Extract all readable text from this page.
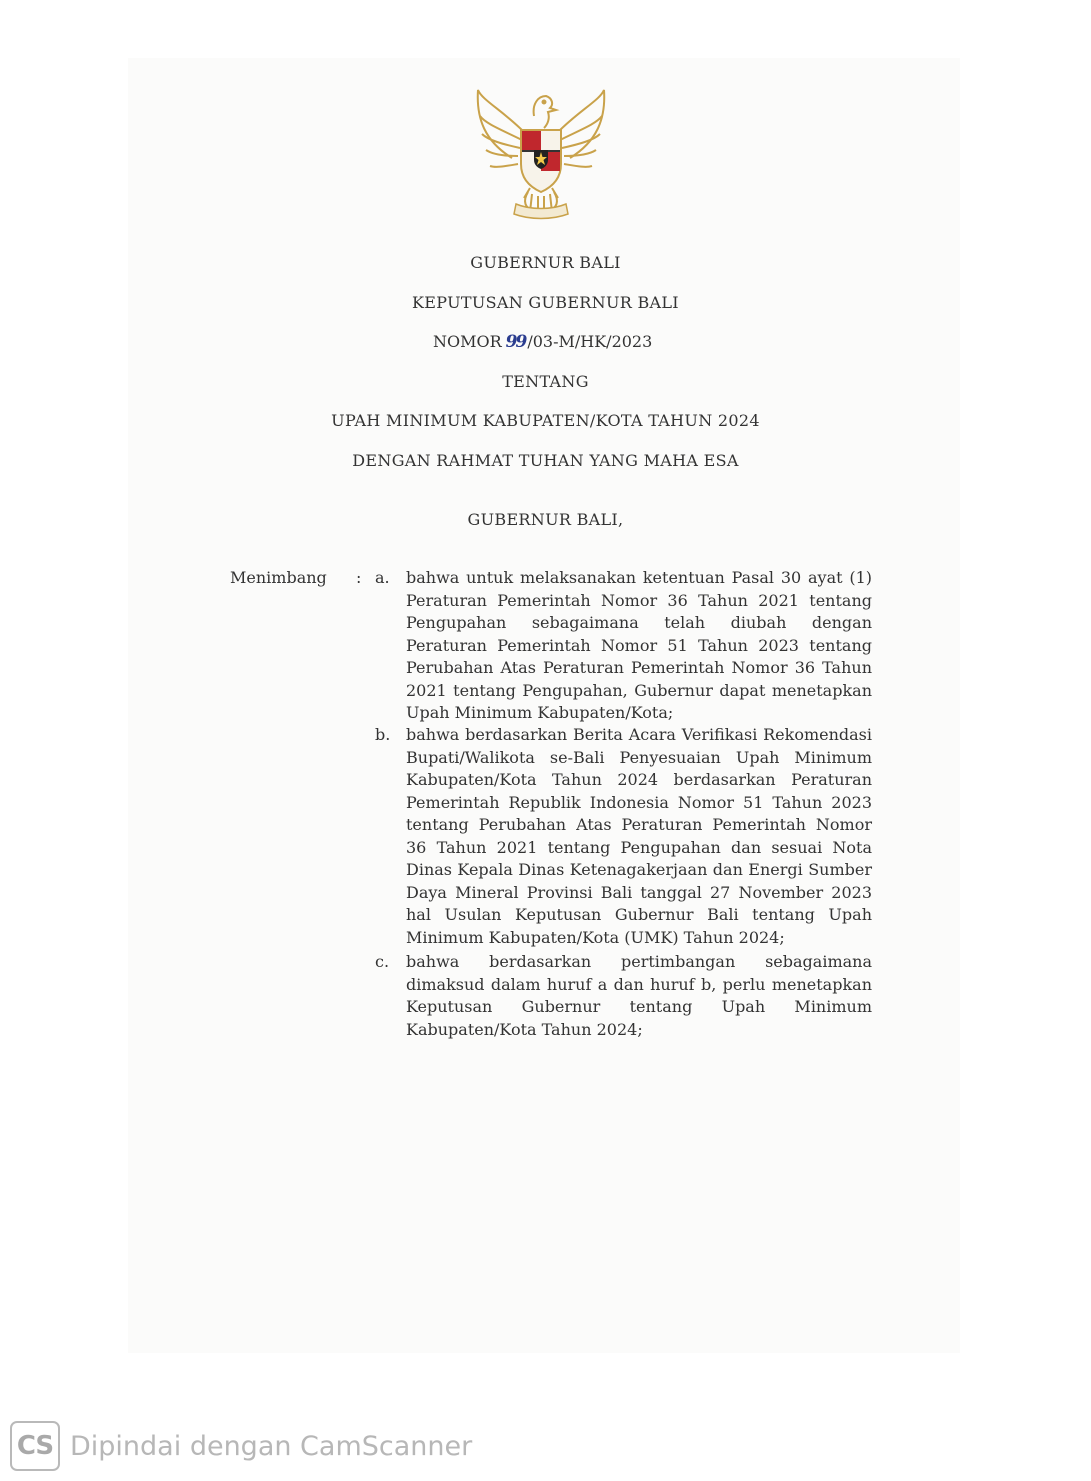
GUBERNUR BALI
KEPUTUSAN GUBERNUR BALI
NOMOR 99 /03-M/HK/2023
TENTANG
UPAH MINIMUM KABUPATEN/KOTA TAHUN 2024
DENGAN RAHMAT TUHAN YANG MAHA ESA
GUBERNUR BALI,
Menimbang : a. bahwa untuk melaksanakan ketentuan Pasal 30 ayat (1) Peraturan Pemerintah Nomor 36 Tahun 2021 tentang Pengupahan sebagaimana telah diubah dengan Peraturan Pemerintah Nomor 51 Tahun 2023 tentang Perubahan Atas Peraturan Pemerintah Nomor 36 Tahun 2021 tentang Pengupahan, Gubernur dapat menetapkan Upah Minimum Kabupaten/Kota;
b. bahwa berdasarkan Berita Acara Verifikasi Rekomendasi Bupati/Walikota se-Bali Penyesuaian Upah Minimum Kabupaten/Kota Tahun 2024 berdasarkan Peraturan Pemerintah Republik Indonesia Nomor 51 Tahun 2023 tentang Perubahan Atas Peraturan Pemerintah Nomor 36 Tahun 2021 tentang Pengupahan dan sesuai Nota Dinas Kepala Dinas Ketenagakerjaan dan Energi Sumber Daya Mineral Provinsi Bali tanggal 27 November 2023 hal Usulan Keputusan Gubernur Bali tentang Upah Minimum Kabupaten/Kota (UMK) Tahun 2024;
c. bahwa berdasarkan pertimbangan sebagaimana dimaksud dalam huruf a dan huruf b, perlu menetapkan Keputusan Gubernur tentang Upah Minimum Kabupaten/Kota Tahun 2024;
CS Dipindai dengan CamScanner
